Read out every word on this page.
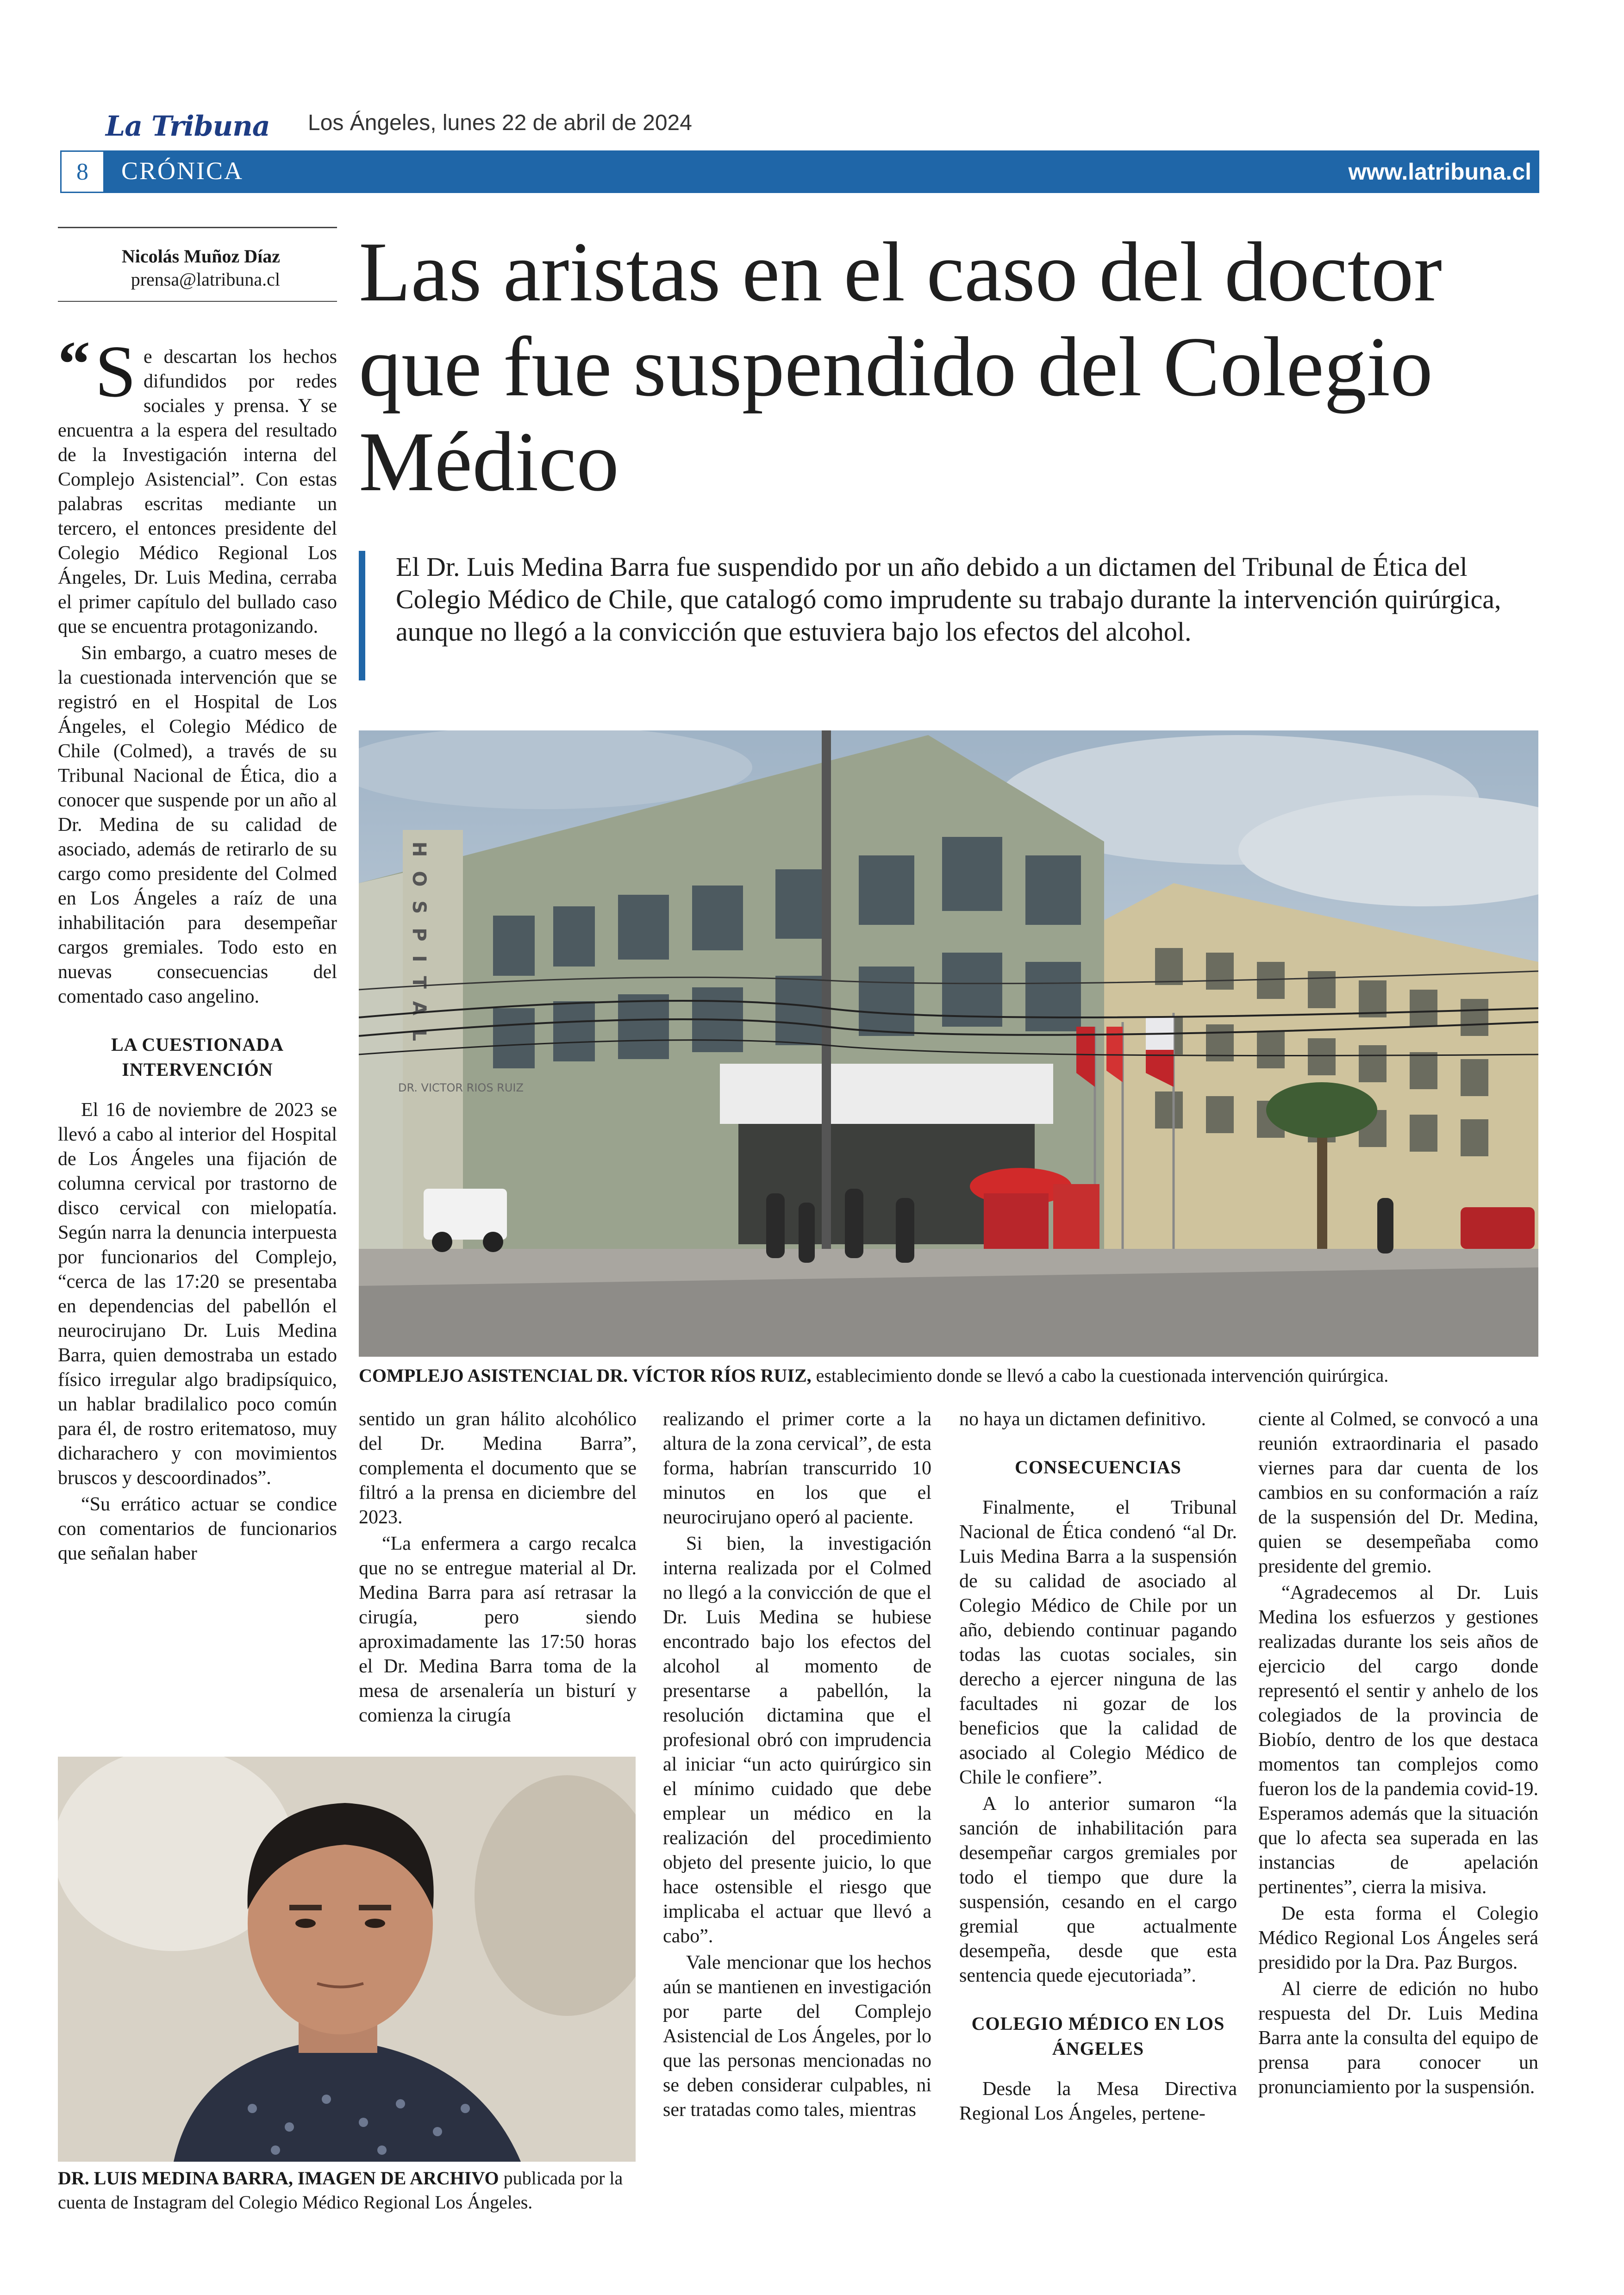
La Tribuna Los Ángeles, lunes 22 de abril de 2024
8	CRÓNICA	www.latribuna.cl
Nicolás Muñoz Díaz
prensa@latribuna.cl Las aristas en el caso del doctor que fue suspendido del Colegio Médico
El Dr. Luis Medina Barra fue suspendido por un año debido a un dictamen del Tribunal de Ética del Colegio Médico de Chile, que catalogó como imprudente su trabajo durante la intervención quirúrgica, aunque no llegó a la convicción que estuviera bajo los efectos del alcohol.
HOSPITAL
DR. VICTOR RIOS RUIZ
COMPLEJO ASISTENCIAL DR. VÍCTOR RÍOS RUIZ, establecimiento donde se llevó a cabo la cuestionada intervención quirúrgica.

“ S e descartan los hechos difundidos por redes sociales y prensa. Y se encuentra a la espera del resultado de la Investigación interna del Complejo Asistencial”. Con estas palabras escritas mediante un tercero, el entonces presidente del Colegio Médico Regional Los Ángeles, Dr. Luis Medina, cerraba el primer capítulo del bullado caso que se encuentra protagonizando.

Sin embargo, a cuatro meses de la cuestionada intervención que se registró en el Hospital de Los Ángeles, el Colegio Médico de Chile (Colmed), a través de su Tribunal Nacional de Ética, dio a conocer que suspende por un año al Dr. Medina de su calidad de asociado, además de retirarlo de su cargo como presidente del Colmed en Los Ángeles a raíz de una inhabilitación para desempeñar cargos gremiales. Todo esto en nuevas consecuencias del comentado caso angelino.

LA CUESTIONADA INTERVENCIÓN

El 16 de noviembre de 2023 se llevó a cabo al interior del Hospital de Los Ángeles una fijación de columna cervical por trastorno de disco cervical con mielopatía. Según narra la denuncia interpuesta por funcionarios del Complejo, “cerca de las 17:20 se presentaba en dependencias del pabellón el neurocirujano Dr. Luis Medina Barra, quien demostraba un estado físico irregular algo bradipsíquico, un hablar bradilalico poco común para él, de rostro eritematoso, muy dicharachero y con movimientos bruscos y descoordinados”.

“Su errático actuar se condice con comentarios de funcionarios que señalan haber

sentido un gran hálito alcohólico del Dr. Medina Barra”, complementa el documento que se filtró a la prensa en diciembre del 2023.

“La enfermera a cargo recalca que no se entregue material al Dr. Medina Barra para así retrasar la cirugía, pero siendo aproximadamente las 17:50 horas el Dr. Medina Barra toma de la mesa de arsenalería un bisturí y comienza la cirugía

DR. LUIS MEDINA BARRA, IMAGEN DE ARCHIVO publicada por la cuenta de Instagram del Colegio Médico Regional Los Ángeles.

realizando el primer corte a la altura de la zona cervical”, de esta forma, habrían transcurrido 10 minutos en los que el neurocirujano operó al paciente.

Si bien, la investigación interna realizada por el Colmed no llegó a la convicción de que el Dr. Luis Medina se hubiese encontrado bajo los efectos del alcohol al momento de presentarse a pabellón, la resolución dictamina que el profesional obró con imprudencia al iniciar “un acto quirúrgico sin el mínimo cuidado que debe emplear un médico en la realización del procedimiento objeto del presente juicio, lo que hace ostensible el riesgo que implicaba el actuar que llevó a cabo”.

Vale mencionar que los hechos aún se mantienen en investigación por parte del Complejo Asistencial de Los Ángeles, por lo que las personas mencionadas no se deben considerar culpables, ni ser tratadas como tales, mientras

no haya un dictamen definitivo.

CONSECUENCIAS

Finalmente, el Tribunal Nacional de Ética condenó “al Dr. Luis Medina Barra a la suspensión de su calidad de asociado al Colegio Médico de Chile por un año, debiendo continuar pagando todas las cuotas sociales, sin derecho a ejercer ninguna de las facultades ni gozar de los beneficios que la calidad de asociado al Colegio Médico de Chile le confiere”.

A lo anterior sumaron “la sanción de inhabilitación para desempeñar cargos gremiales por todo el tiempo que dure la suspensión, cesando en el cargo gremial que actualmente desempeña, desde que esta sentencia quede ejecutoriada”.

COLEGIO MÉDICO EN LOS ÁNGELES

Desde la Mesa Directiva Regional Los Ángeles, pertene-

ciente al Colmed, se convocó a una reunión extraordinaria el pasado viernes para dar cuenta de los cambios en su conformación a raíz de la suspensión del Dr. Medina, quien se desempeñaba como presidente del gremio.

“Agradecemos al Dr. Luis Medina los esfuerzos y gestiones realizadas durante los seis años de ejercicio del cargo donde representó el sentir y anhelo de los colegiados de la provincia de Biobío, dentro de los que destaca momentos tan complejos como fueron los de la pandemia covid-19. Esperamos además que la situación que lo afecta sea superada en las instancias de apelación pertinentes”, cierra la misiva.

De esta forma el Colegio Médico Regional Los Ángeles será presidido por la Dra. Paz Burgos.

Al cierre de edición no hubo respuesta del Dr. Luis Medina Barra ante la consulta del equipo de prensa para conocer un pronunciamiento por la suspensión.
